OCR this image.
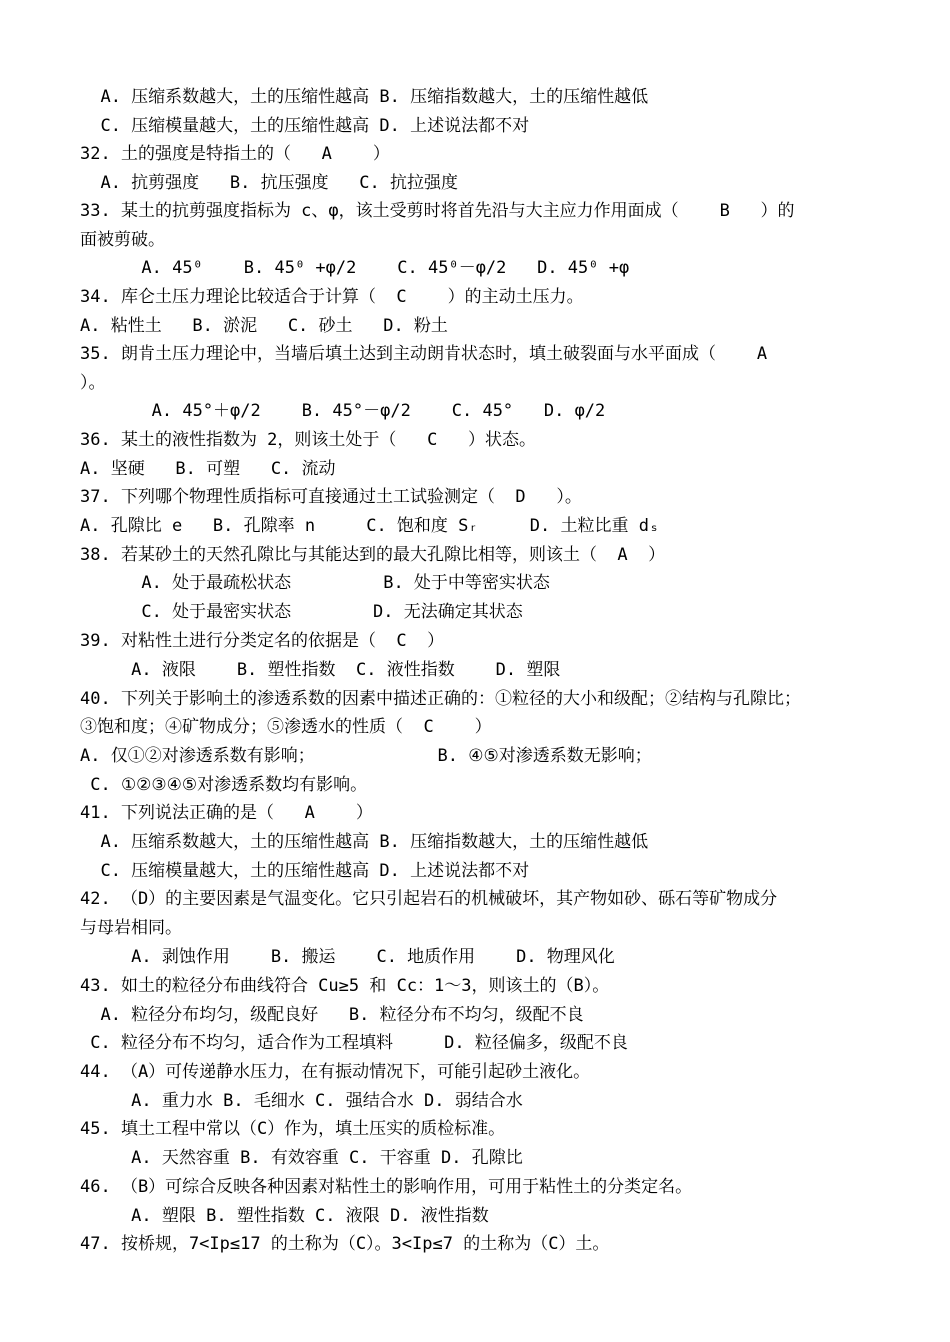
A. 压缩系数越大，土的压缩性越高 B. 压缩指数越大，土的压缩性越低
C. 压缩模量越大，土的压缩性越高 D. 上述说法都不对
32. 土的强度是特指土的（   A    ）
A. 抗剪强度   B. 抗压强度   C. 抗拉强度
33. 某土的抗剪强度指标为 c、φ，该土受剪时将首先沿与大主应力作用面成（    B   ）的
面被剪破。
A. 45⁰    B. 45⁰ +φ/2    C. 45⁰－φ/2   D. 45⁰ +φ
34. 库仑土压力理论比较适合于计算（  C    ）的主动土压力。
A. 粘性土   B. 淤泥   C. 砂土   D. 粉土
35. 朗肯土压力理论中，当墙后填土达到主动朗肯状态时，填土破裂面与水平面成（    A
）。
A. 45°＋φ/2    B. 45°－φ/2    C. 45°   D. φ/2
36. 某土的液性指数为 2，则该土处于（   C   ）状态。
A. 坚硬   B. 可塑   C. 流动
37. 下列哪个物理性质指标可直接通过土工试验测定（  D   ）。
A. 孔隙比 e   B. 孔隙率 n     C. 饱和度 Sᵣ     D. 土粒比重 dₛ
38. 若某砂土的天然孔隙比与其能达到的最大孔隙比相等，则该土（  A  ）
A. 处于最疏松状态         B. 处于中等密实状态
C. 处于最密实状态        D. 无法确定其状态
39. 对粘性土进行分类定名的依据是（  C  ）
A. 液限    B. 塑性指数  C. 液性指数    D. 塑限
40. 下列关于影响土的渗透系数的因素中描述正确的：①粒径的大小和级配；②结构与孔隙比；
③饱和度；④矿物成分；⑤渗透水的性质（  C    ）
A. 仅①②对渗透系数有影响；            B. ④⑤对渗透系数无影响；
C. ①②③④⑤对渗透系数均有影响。
41. 下列说法正确的是（   A    ）
A. 压缩系数越大，土的压缩性越高 B. 压缩指数越大，土的压缩性越低
C. 压缩模量越大，土的压缩性越高 D. 上述说法都不对
42. （D）的主要因素是气温变化。它只引起岩石的机械破坏，其产物如砂、砾石等矿物成分
与母岩相同。
A. 剥蚀作用    B. 搬运    C. 地质作用    D. 物理风化
43. 如土的粒径分布曲线符合 Cu≥5 和 Cc：1～3，则该土的（B）。
A. 粒径分布均匀，级配良好   B. 粒径分布不均匀，级配不良
C. 粒径分布不均匀，适合作为工程填料     D. 粒径偏多，级配不良
44. （A）可传递静水压力，在有振动情况下，可能引起砂土液化。
A. 重力水 B. 毛细水 C. 强结合水 D. 弱结合水
45. 填土工程中常以（C）作为，填土压实的质检标准。
A. 天然容重 B. 有效容重 C. 干容重 D. 孔隙比
46. （B）可综合反映各种因素对粘性土的影响作用，可用于粘性土的分类定名。
A. 塑限 B. 塑性指数 C. 液限 D. 液性指数
47. 按桥规，7<Ip≤17 的土称为（C）。3<Ip≤7 的土称为（C）土。
